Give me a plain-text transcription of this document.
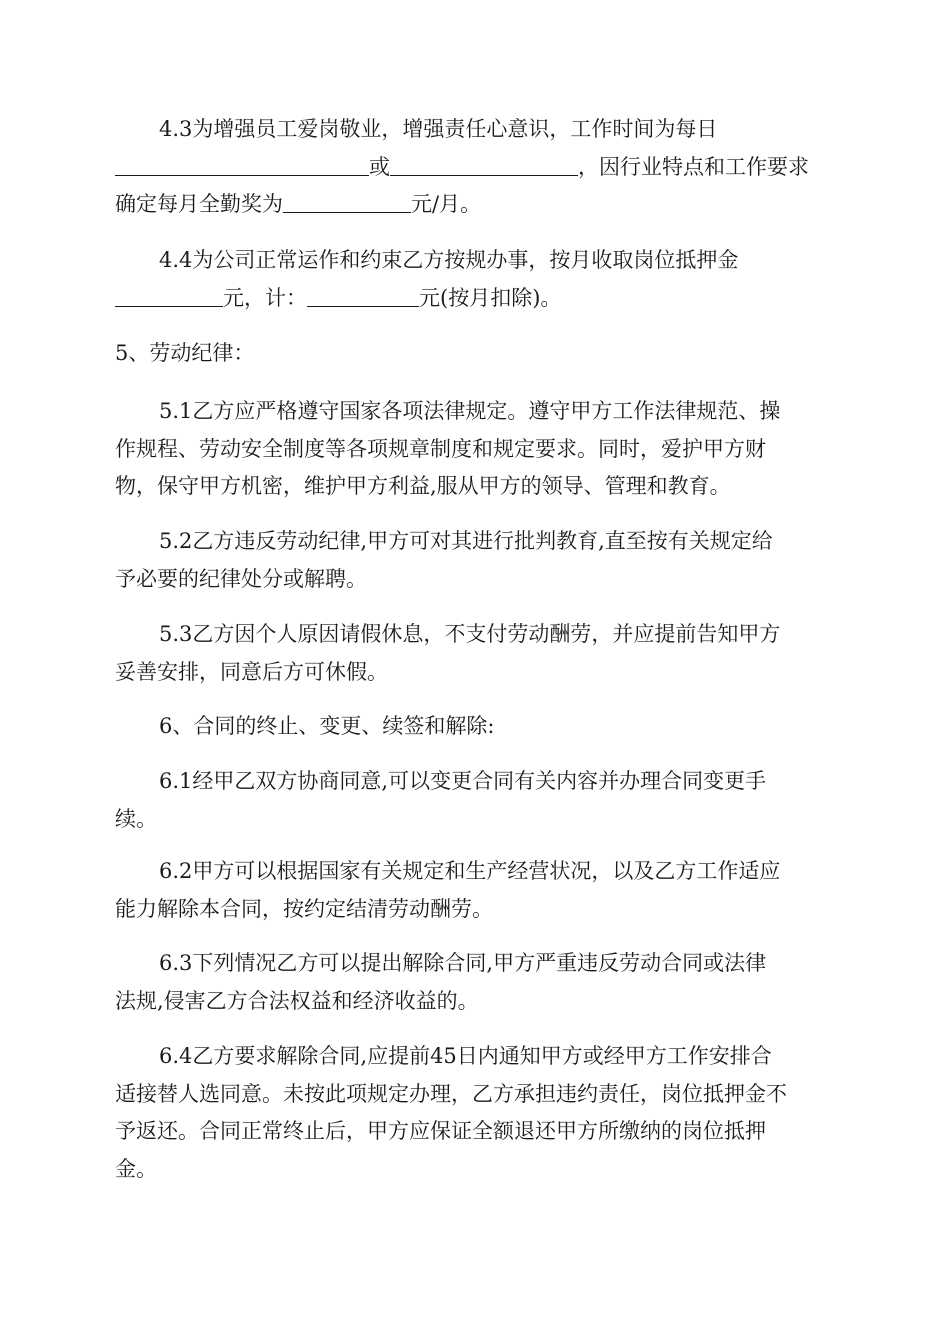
4.3为增强员工爱岗敬业，增强责任心意识，工作时间为每日
或	，因行业特点和工作要求
确定每月全勤奖为	元/月。
4.4为公司正常运作和约束乙方按规办事，按月收取岗位抵押金
元，计：	元(按月扣除)。
5、劳动纪律：
5.1乙方应严格遵守国家各项法律规定。遵守甲方工作法律规范、操
作规程、劳动安全制度等各项规章制度和规定要求。同时，爱护甲方财
物，保守甲方机密，维护甲方利益,服从甲方的领导、管理和教育。
5.2乙方违反劳动纪律,甲方可对其进行批判教育,直至按有关规定给
予必要的纪律处分或解聘。
5.3乙方因个人原因请假休息，不支付劳动酬劳，并应提前告知甲方
妥善安排，同意后方可休假。
6、合同的终止、变更、续签和解除:
6.1经甲乙双方协商同意,可以变更合同有关内容并办理合同变更手
续。
6.2甲方可以根据国家有关规定和生产经营状况，以及乙方工作适应
能力解除本合同，按约定结清劳动酬劳。
6.3下列情况乙方可以提出解除合同,甲方严重违反劳动合同或法律
法规,侵害乙方合法权益和经济收益的。
6.4乙方要求解除合同,应提前45日内通知甲方或经甲方工作安排合
适接替人选同意。未按此项规定办理，乙方承担违约责任，岗位抵押金不
予返还。合同正常终止后，甲方应保证全额退还甲方所缴纳的岗位抵押
金。
